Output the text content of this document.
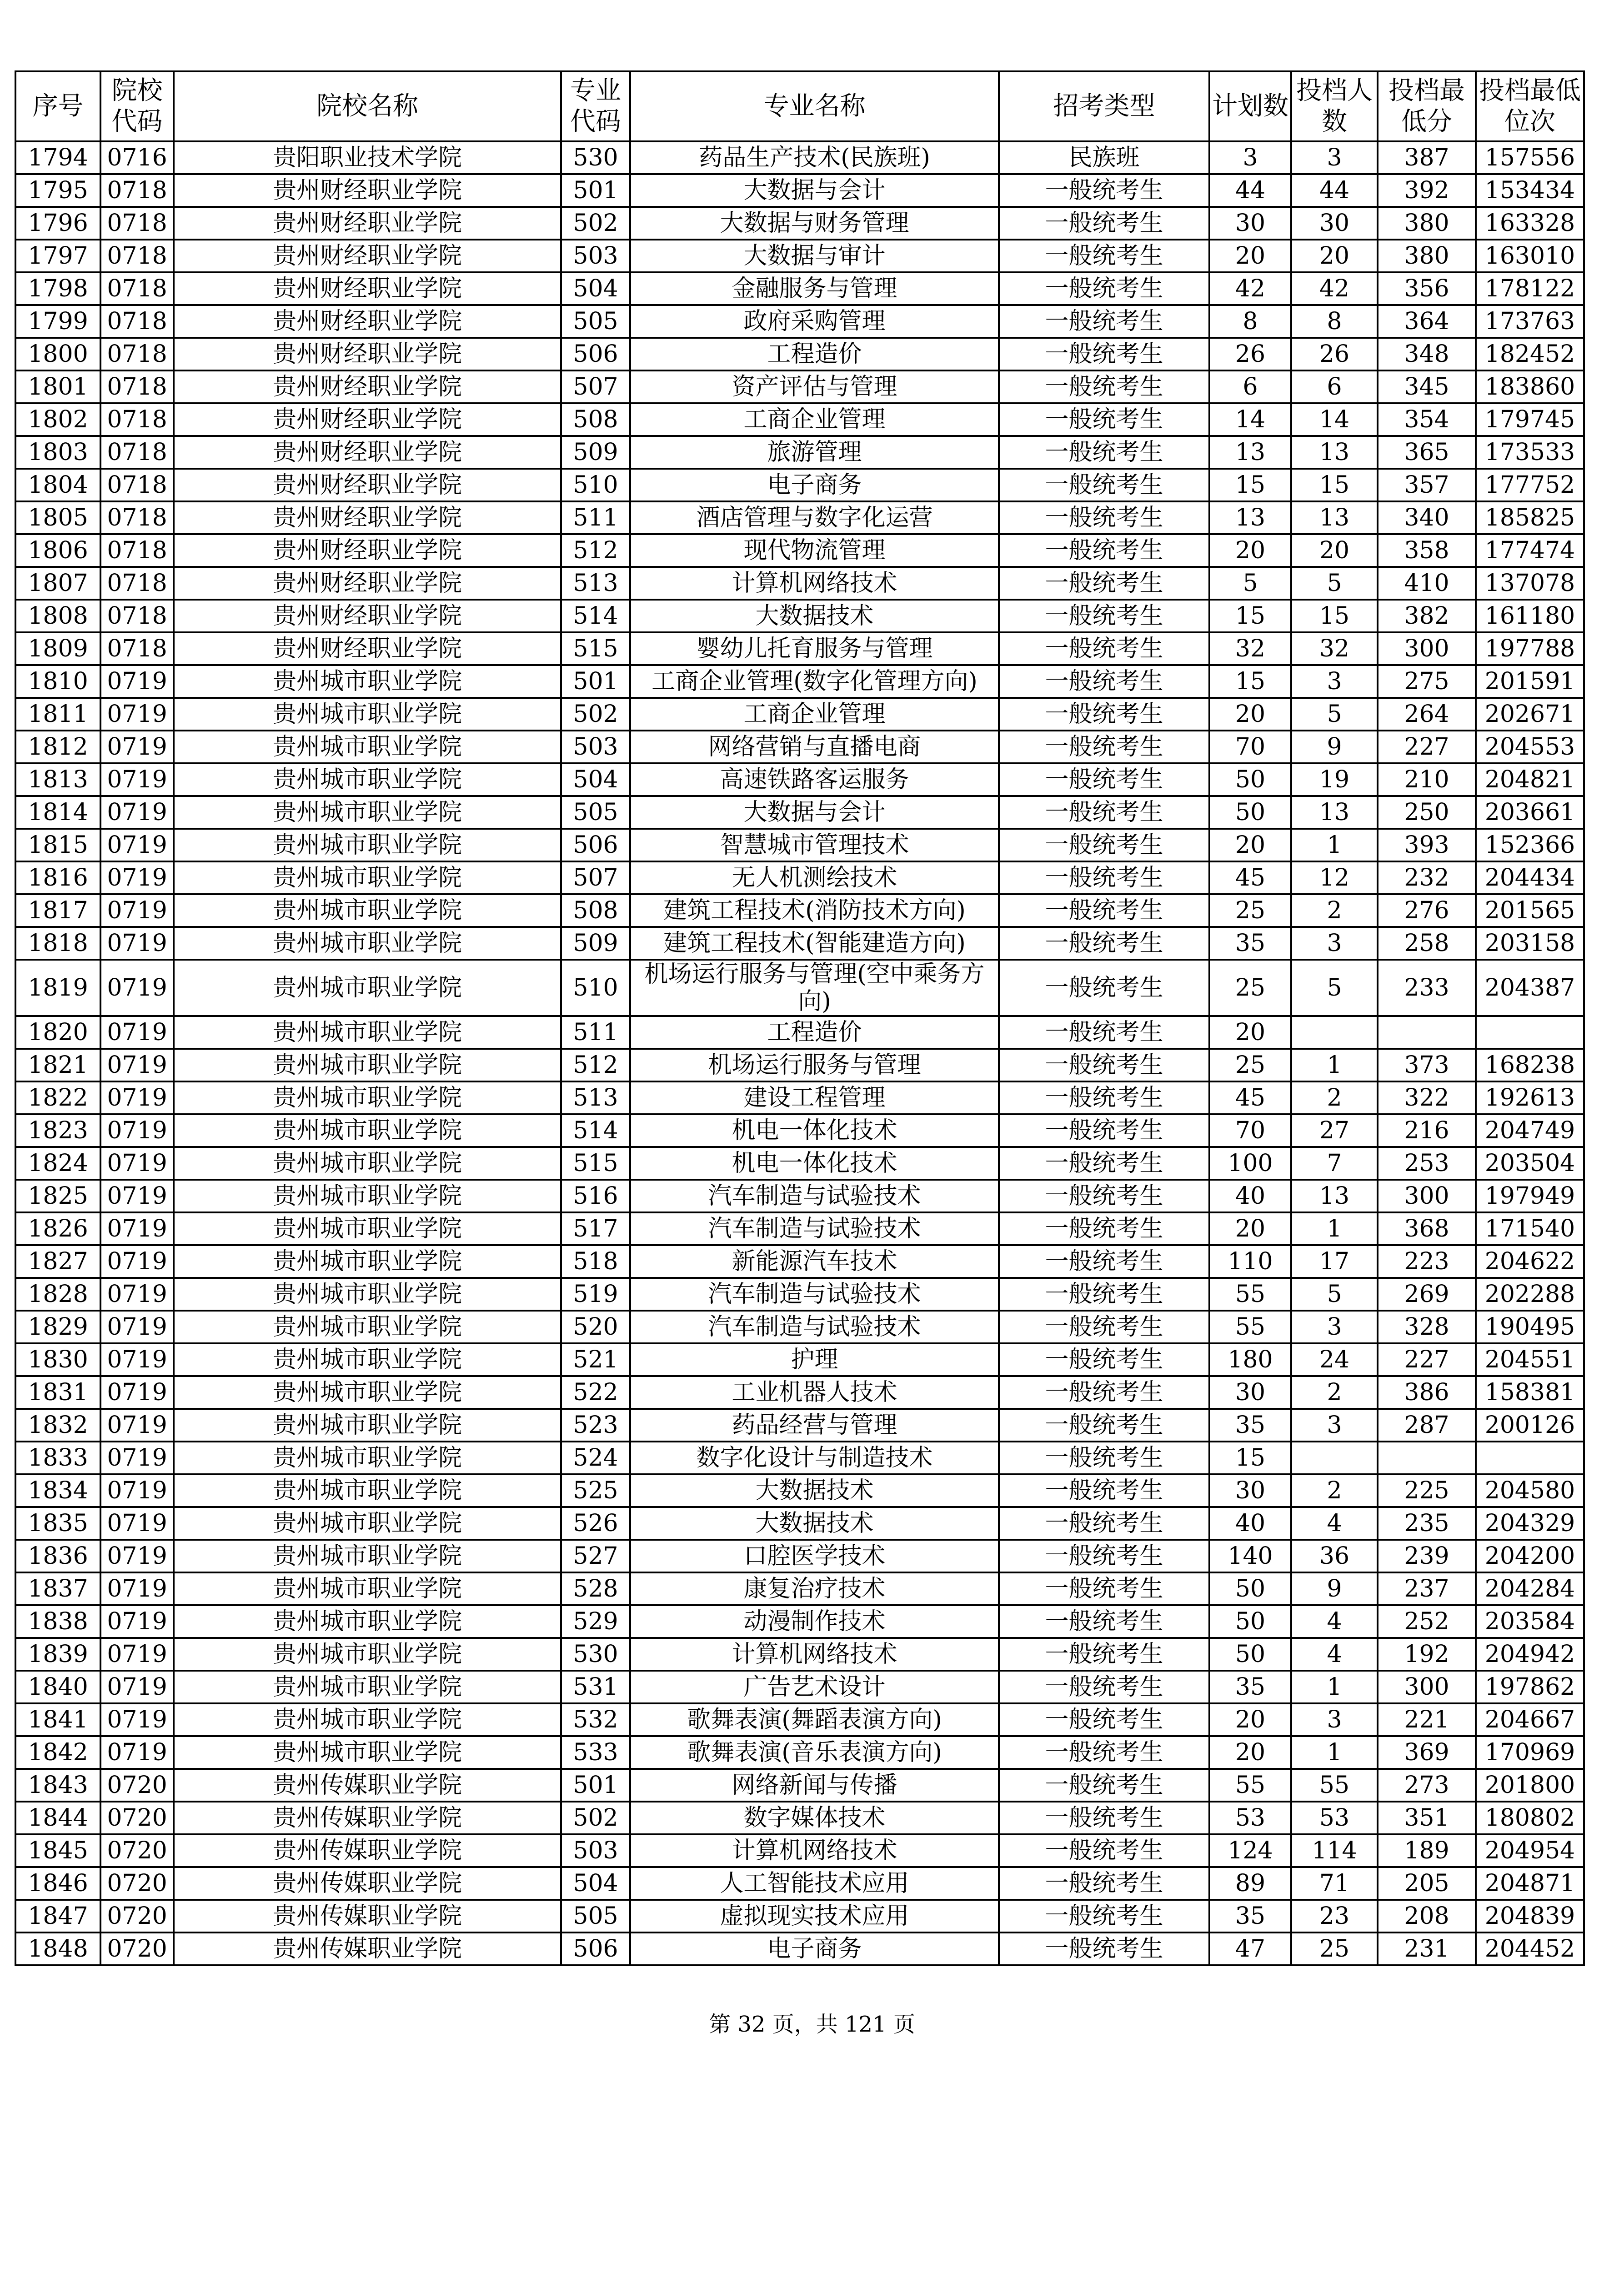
序号	院校代码	院校名称	专业代码	专业名称	招考类型	计划数	投档人数	投档最低分	投档最低位次
1794	0716	贵阳职业技术学院	530	药品生产技术(民族班)	民族班	3	3	387	157556
1795	0718	贵州财经职业学院	501	大数据与会计	一般统考生	44	44	392	153434
1796	0718	贵州财经职业学院	502	大数据与财务管理	一般统考生	30	30	380	163328
1797	0718	贵州财经职业学院	503	大数据与审计	一般统考生	20	20	380	163010
1798	0718	贵州财经职业学院	504	金融服务与管理	一般统考生	42	42	356	178122
1799	0718	贵州财经职业学院	505	政府采购管理	一般统考生	8	8	364	173763
1800	0718	贵州财经职业学院	506	工程造价	一般统考生	26	26	348	182452
1801	0718	贵州财经职业学院	507	资产评估与管理	一般统考生	6	6	345	183860
1802	0718	贵州财经职业学院	508	工商企业管理	一般统考生	14	14	354	179745
1803	0718	贵州财经职业学院	509	旅游管理	一般统考生	13	13	365	173533
1804	0718	贵州财经职业学院	510	电子商务	一般统考生	15	15	357	177752
1805	0718	贵州财经职业学院	511	酒店管理与数字化运营	一般统考生	13	13	340	185825
1806	0718	贵州财经职业学院	512	现代物流管理	一般统考生	20	20	358	177474
1807	0718	贵州财经职业学院	513	计算机网络技术	一般统考生	5	5	410	137078
1808	0718	贵州财经职业学院	514	大数据技术	一般统考生	15	15	382	161180
1809	0718	贵州财经职业学院	515	婴幼儿托育服务与管理	一般统考生	32	32	300	197788
1810	0719	贵州城市职业学院	501	工商企业管理(数字化管理方向)	一般统考生	15	3	275	201591
1811	0719	贵州城市职业学院	502	工商企业管理	一般统考生	20	5	264	202671
1812	0719	贵州城市职业学院	503	网络营销与直播电商	一般统考生	70	9	227	204553
1813	0719	贵州城市职业学院	504	高速铁路客运服务	一般统考生	50	19	210	204821
1814	0719	贵州城市职业学院	505	大数据与会计	一般统考生	50	13	250	203661
1815	0719	贵州城市职业学院	506	智慧城市管理技术	一般统考生	20	1	393	152366
1816	0719	贵州城市职业学院	507	无人机测绘技术	一般统考生	45	12	232	204434
1817	0719	贵州城市职业学院	508	建筑工程技术(消防技术方向)	一般统考生	25	2	276	201565
1818	0719	贵州城市职业学院	509	建筑工程技术(智能建造方向)	一般统考生	35	3	258	203158
1819	0719	贵州城市职业学院	510	机场运行服务与管理(空中乘务方向)	一般统考生	25	5	233	204387
1820	0719	贵州城市职业学院	511	工程造价	一般统考生	20			
1821	0719	贵州城市职业学院	512	机场运行服务与管理	一般统考生	25	1	373	168238
1822	0719	贵州城市职业学院	513	建设工程管理	一般统考生	45	2	322	192613
1823	0719	贵州城市职业学院	514	机电一体化技术	一般统考生	70	27	216	204749
1824	0719	贵州城市职业学院	515	机电一体化技术	一般统考生	100	7	253	203504
1825	0719	贵州城市职业学院	516	汽车制造与试验技术	一般统考生	40	13	300	197949
1826	0719	贵州城市职业学院	517	汽车制造与试验技术	一般统考生	20	1	368	171540
1827	0719	贵州城市职业学院	518	新能源汽车技术	一般统考生	110	17	223	204622
1828	0719	贵州城市职业学院	519	汽车制造与试验技术	一般统考生	55	5	269	202288
1829	0719	贵州城市职业学院	520	汽车制造与试验技术	一般统考生	55	3	328	190495
1830	0719	贵州城市职业学院	521	护理	一般统考生	180	24	227	204551
1831	0719	贵州城市职业学院	522	工业机器人技术	一般统考生	30	2	386	158381
1832	0719	贵州城市职业学院	523	药品经营与管理	一般统考生	35	3	287	200126
1833	0719	贵州城市职业学院	524	数字化设计与制造技术	一般统考生	15			
1834	0719	贵州城市职业学院	525	大数据技术	一般统考生	30	2	225	204580
1835	0719	贵州城市职业学院	526	大数据技术	一般统考生	40	4	235	204329
1836	0719	贵州城市职业学院	527	口腔医学技术	一般统考生	140	36	239	204200
1837	0719	贵州城市职业学院	528	康复治疗技术	一般统考生	50	9	237	204284
1838	0719	贵州城市职业学院	529	动漫制作技术	一般统考生	50	4	252	203584
1839	0719	贵州城市职业学院	530	计算机网络技术	一般统考生	50	4	192	204942
1840	0719	贵州城市职业学院	531	广告艺术设计	一般统考生	35	1	300	197862
1841	0719	贵州城市职业学院	532	歌舞表演(舞蹈表演方向)	一般统考生	20	3	221	204667
1842	0719	贵州城市职业学院	533	歌舞表演(音乐表演方向)	一般统考生	20	1	369	170969
1843	0720	贵州传媒职业学院	501	网络新闻与传播	一般统考生	55	55	273	201800
1844	0720	贵州传媒职业学院	502	数字媒体技术	一般统考生	53	53	351	180802
1845	0720	贵州传媒职业学院	503	计算机网络技术	一般统考生	124	114	189	204954
1846	0720	贵州传媒职业学院	504	人工智能技术应用	一般统考生	89	71	205	204871
1847	0720	贵州传媒职业学院	505	虚拟现实技术应用	一般统考生	35	23	208	204839
1848	0720	贵州传媒职业学院	506	电子商务	一般统考生	47	25	231	204452
第 32 页，共 121 页
